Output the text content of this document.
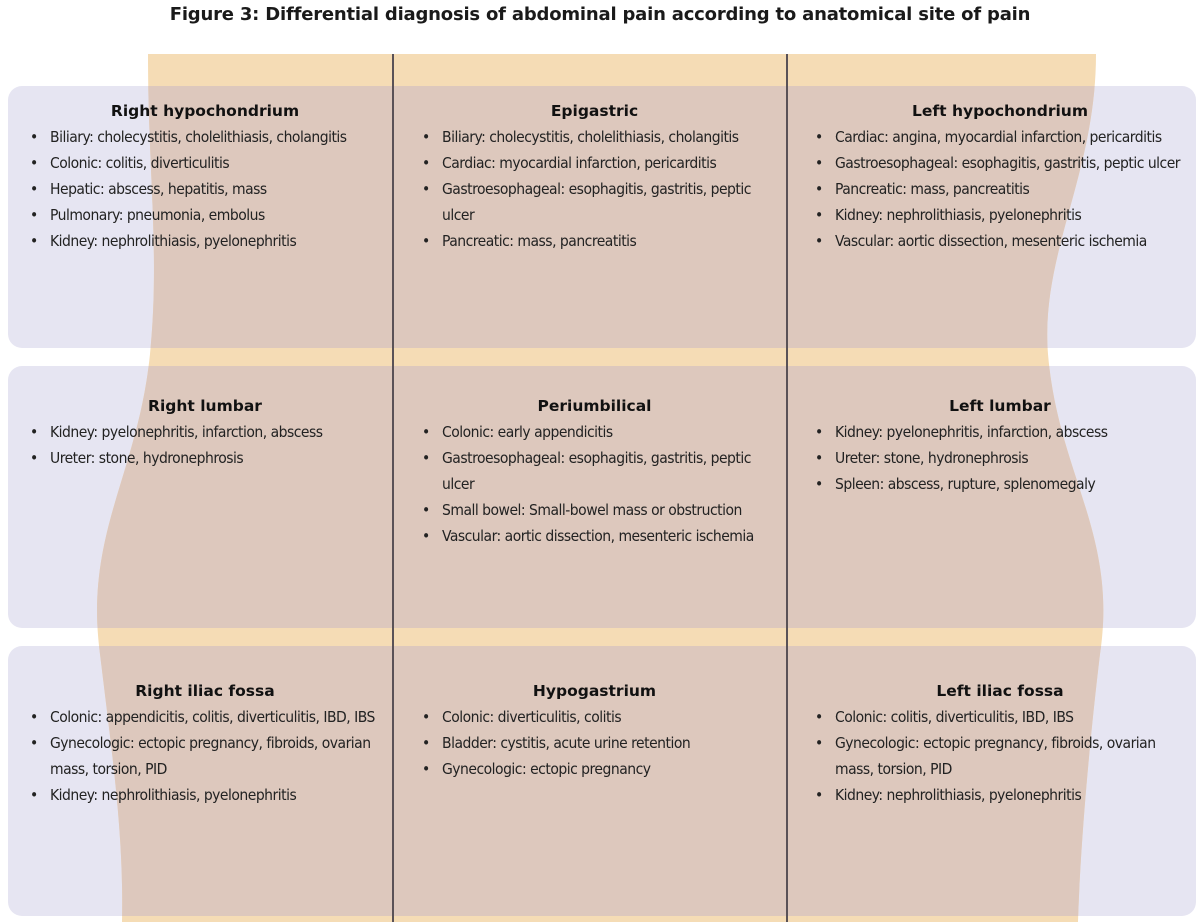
Figure 3: Differential diagnosis of abdominal pain according to anatomical site of pain
Right hypochondrium
• Biliary: cholecystitis, cholelithiasis, cholangitis
• Colonic: colitis, diverticulitis
• Hepatic: abscess, hepatitis, mass
• Pulmonary: pneumonia, embolus
• Kidney: nephrolithiasis, pyelonephritis
Epigastric
• Biliary: cholecystitis, cholelithiasis, cholangitis
• Cardiac: myocardial infarction, pericarditis
• Gastroesophageal: esophagitis, gastritis, peptic ulcer
• Pancreatic: mass, pancreatitis
Left hypochondrium
• Cardiac: angina, myocardial infarction, pericarditis
• Gastroesophageal: esophagitis, gastritis, peptic ulcer
• Pancreatic: mass, pancreatitis
• Kidney: nephrolithiasis, pyelonephritis
• Vascular: aortic dissection, mesenteric ischemia
Right lumbar
• Kidney: pyelonephritis, infarction, abscess
• Ureter: stone, hydronephrosis
Periumbilical
• Colonic: early appendicitis
• Gastroesophageal: esophagitis, gastritis, peptic ulcer
• Small bowel: Small-bowel mass or obstruction
• Vascular: aortic dissection, mesenteric ischemia
Left lumbar
• Kidney: pyelonephritis, infarction, abscess
• Ureter: stone, hydronephrosis
• Spleen: abscess, rupture, splenomegaly
Right iliac fossa
• Colonic: appendicitis, colitis, diverticulitis, IBD, IBS
• Gynecologic: ectopic pregnancy, fibroids, ovarian mass, torsion, PID
• Kidney: nephrolithiasis, pyelonephritis
Hypogastrium
• Colonic: diverticulitis, colitis
• Bladder: cystitis, acute urine retention
• Gynecologic: ectopic pregnancy
Left iliac fossa
• Colonic: colitis, diverticulitis, IBD, IBS
• Gynecologic: ectopic pregnancy, fibroids, ovarian mass, torsion, PID
• Kidney: nephrolithiasis, pyelonephritis
